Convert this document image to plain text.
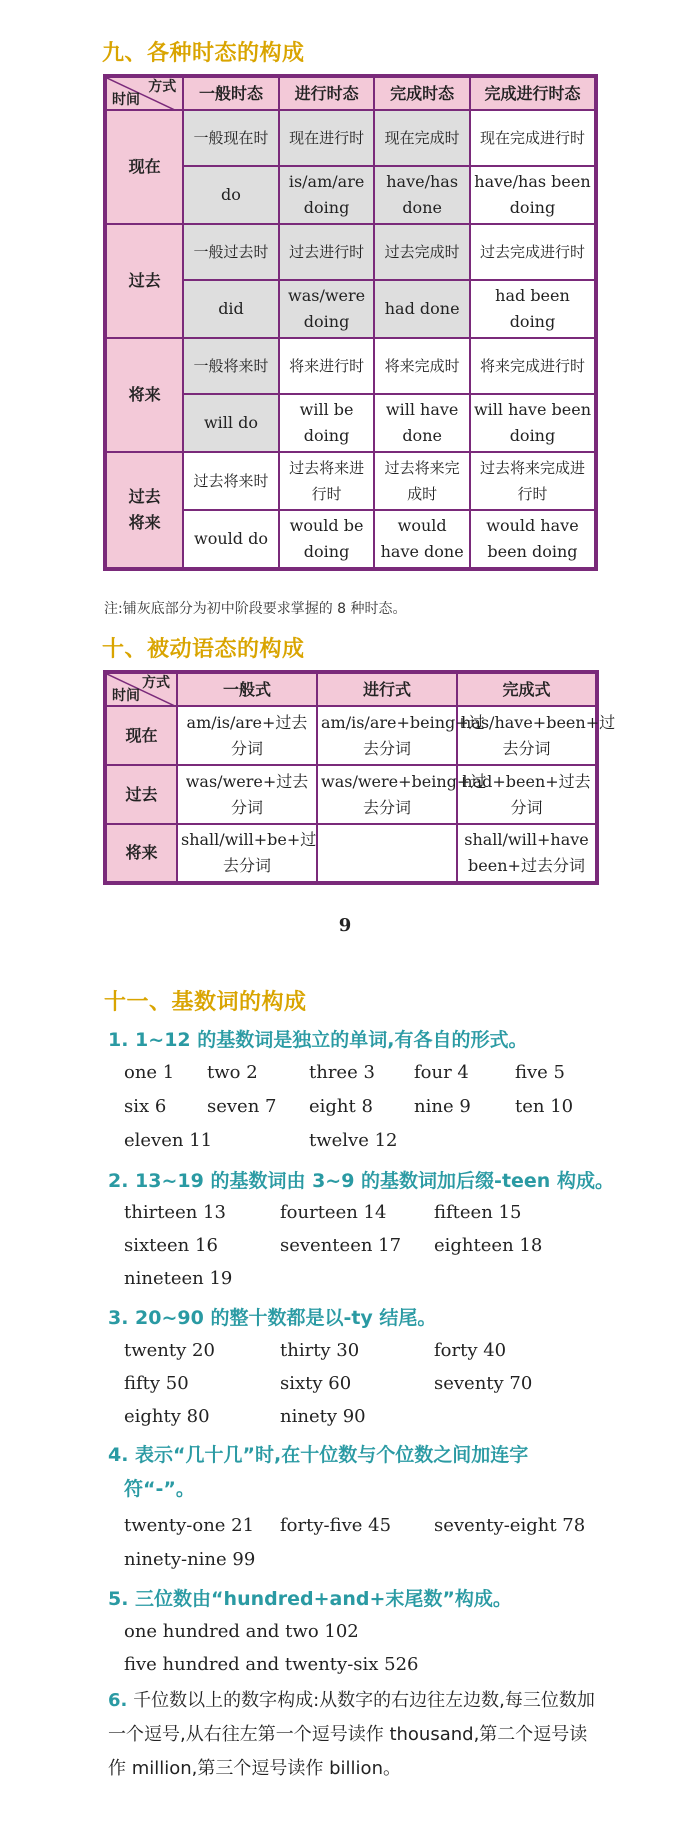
九、各种时态的构成
方式
时间	一般时态	进行时态	完成时态	完成进行时态
现在	一般现在时	现在进行时	现在完成时	现在完成进行时
	do	is/am/are doing	have/has done	have/has been doing
过去	一般过去时	过去进行时	过去完成时	过去完成进行时
	did	was/were doing	had done	had been doing
将来	一般将来时	将来进行时	将来完成时	将来完成进行时
	will do	will be doing	will have done	will have been doing
过去将来	过去将来时	过去将来进行时	过去将来完成时	过去将来完成进行时
	would do	would be doing	would have done	would have been doing
注:铺灰底部分为初中阶段要求掌握的 8 种时态。
十、被动语态的构成
方式
时间	一般式	进行式	完成式
现在	am/is/are+过去分词	am/is/are+being+过去分词	has/have+been+过去分词
过去	was/were+过去分词	was/were+being+过去分词	had+been+过去分词
将来	shall/will+be+过去分词		shall/will+have been+过去分词
9
十一、基数词的构成
1. 1~12 的基数词是独立的单词,有各自的形式。
one 1 two 2	three 3 four 4	five 5
six 6 seven 7 eight 8 nine 9 ten 10
eleven 11	twelve 12
2. 13~19 的基数词由 3~9 的基数词加后缀-teen 构成。
thirteen 13	fourteen 14	fifteen 15
sixteen 16	seventeen 17 eighteen 18
nineteen 19
3. 20~90 的整十数都是以-ty 结尾。
twenty 20	thirty 30	forty 40
fifty 50	sixty 60	seventy 70
eighty 80	ninety 90
4. 表示“几十几”时,在十位数与个位数之间加连字
符“-”。
twenty-one 21 forty-five 45 seventy-eight 78
ninety-nine 99
5. 三位数由“hundred+and+末尾数”构成。
one hundred and two 102
five hundred and twenty-six 526
6. 千位数以上的数字构成:从数字的右边往左边数,每三位数加一个逗号,从右往左第一个逗号读作 thousand,第二个逗号读作 million,第三个逗号读作 billion。
